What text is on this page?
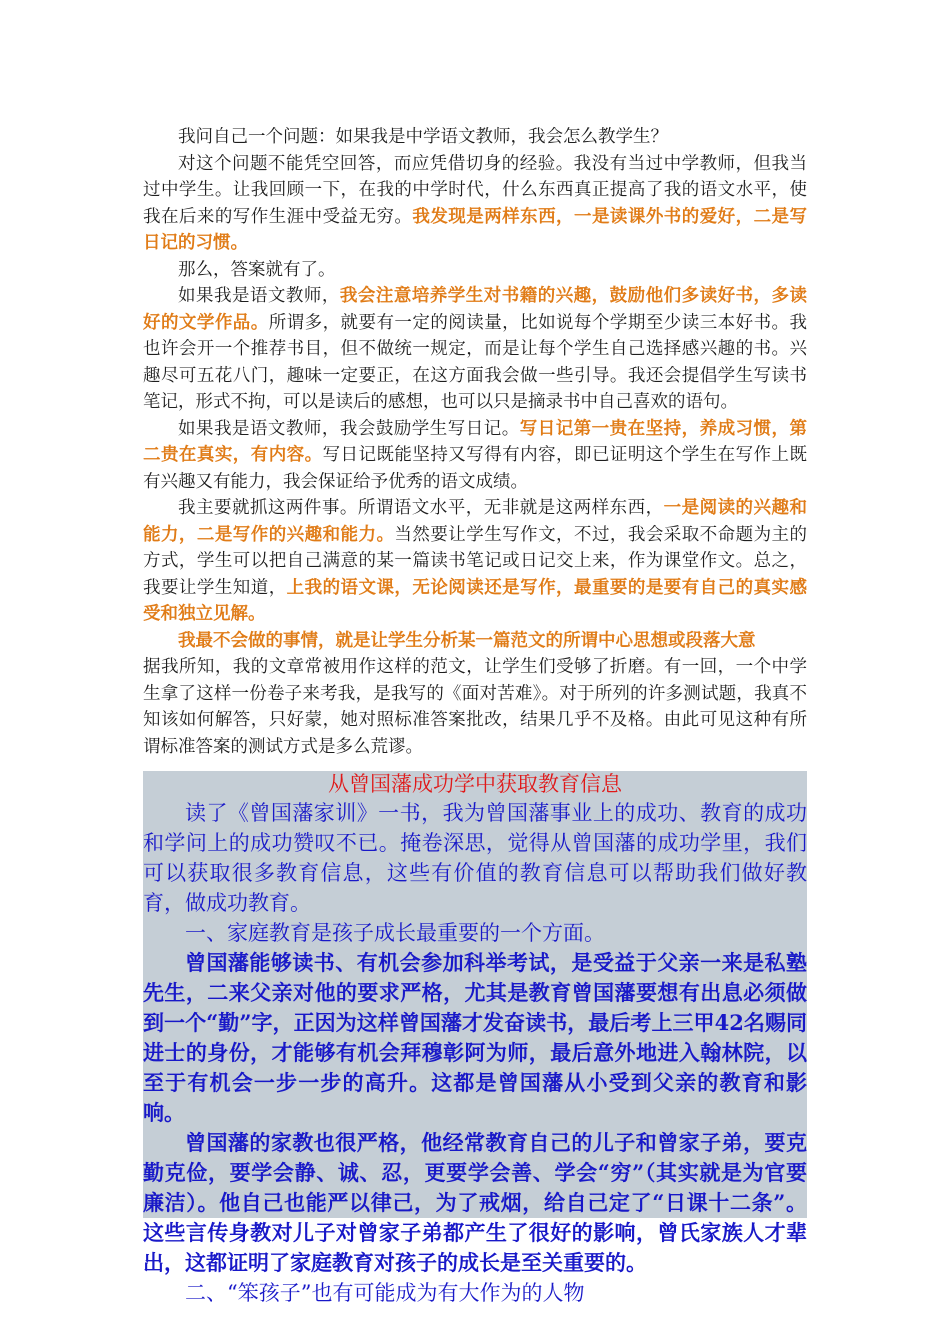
我问自己一个问题：如果我是中学语文教师，我会怎么教学生？

对这个问题不能凭空回答，而应凭借切身的经验。我没有当过中学教师，但我当过中学生。让我回顾一下，在我的中学时代，什么东西真正提高了我的语文水平，使我在后来的写作生涯中受益无穷。我发现是两样东西，一是读课外书的爱好，二是写日记的习惯。

那么，答案就有了。

如果我是语文教师，我会注意培养学生对书籍的兴趣，鼓励他们多读好书，多读好的文学作品。所谓多，就要有一定的阅读量，比如说每个学期至少读三本好书。我也许会开一个推荐书目，但不做统一规定，而是让每个学生自己选择感兴趣的书。兴趣尽可五花八门，趣味一定要正，在这方面我会做一些引导。我还会提倡学生写读书笔记，形式不拘，可以是读后的感想，也可以只是摘录书中自己喜欢的语句。

如果我是语文教师，我会鼓励学生写日记。写日记第一贵在坚持，养成习惯，第二贵在真实，有内容。写日记既能坚持又写得有内容，即已证明这个学生在写作上既有兴趣又有能力，我会保证给予优秀的语文成绩。

我主要就抓这两件事。所谓语文水平，无非就是这两样东西，一是阅读的兴趣和能力，二是写作的兴趣和能力。当然要让学生写作文，不过，我会采取不命题为主的方式，学生可以把自己满意的某一篇读书笔记或日记交上来，作为课堂作文。总之，我要让学生知道，上我的语文课，无论阅读还是写作，最重要的是要有自己的真实感受和独立见解。

我最不会做的事情，就是让学生分析某一篇范文的所谓中心思想或段落大意

据我所知，我的文章常被用作这样的范文，让学生们受够了折磨。有一回，一个中学生拿了这样一份卷子来考我，是我写的《面对苦难》。对于所列的许多测试题，我真不知该如何解答，只好蒙，她对照标准答案批改，结果几乎不及格。由此可见这种有所谓标准答案的测试方式是多么荒谬。

从曾国藩成功学中获取教育信息

读了《曾国藩家训》一书，我为曾国藩事业上的成功、教育的成功和学问上的成功赞叹不已。掩卷深思，觉得从曾国藩的成功学里，我们可以获取很多教育信息，这些有价值的教育信息可以帮助我们做好教育，做成功教育。

一、家庭教育是孩子成长最重要的一个方面。

曾国藩能够读书、有机会参加科举考试，是受益于父亲一来是私塾先生，二来父亲对他的要求严格，尤其是教育曾国藩要想有出息必须做到一个“勤”字，正因为这样曾国藩才发奋读书，最后考上三甲42名赐同进士的身份，才能够有机会拜穆彰阿为师，最后意外地进入翰林院，以至于有机会一步一步的高升。这都是曾国藩从小受到父亲的教育和影响。

曾国藩的家教也很严格，他经常教育自己的儿子和曾家子弟，要克勤克俭，要学会静、诚、忍，更要学会善、学会“穷”（其实就是为官要廉洁）。他自己也能严以律己，为了戒烟，给自己定了“日课十二条”。这些言传身教对儿子对曾家子弟都产生了很好的影响，曾氏家族人才辈出，这都证明了家庭教育对孩子的成长是至关重要的。

二、“笨孩子”也有可能成为有大作为的人物
